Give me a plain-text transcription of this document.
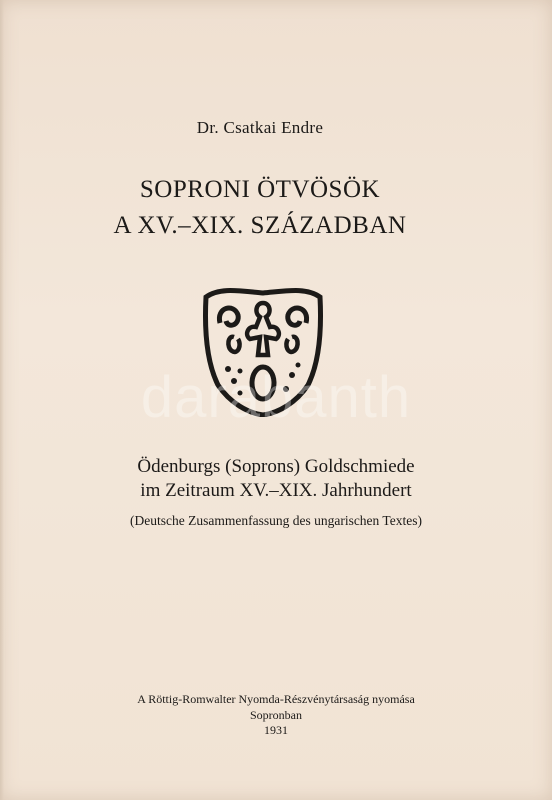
Dr. Csatkai Endre
SOPRONI ÖTVÖSÖK
A XV.–XIX. SZÁZADBAN
darabanth
Ödenburgs (Soprons) Goldschmiede
im Zeitraum XV.–XIX. Jahrhundert
(Deutsche Zusammenfassung des ungarischen Textes)
A Röttig-Romwalter Nyomda-Részvénytársaság nyomása
Sopronban
1931
